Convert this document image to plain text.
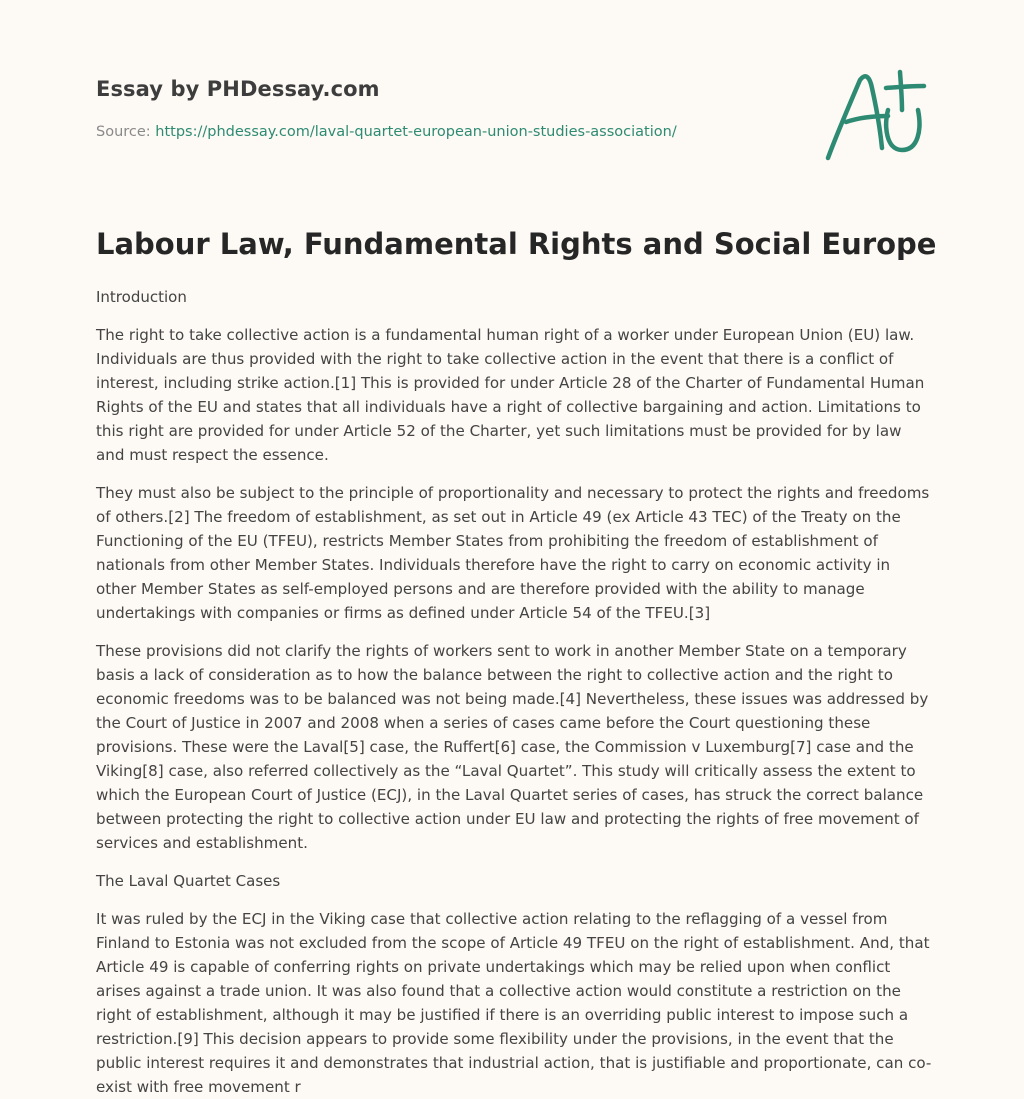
Essay by PHDessay.com
Source: https://phdessay.com/laval-quartet-european-union-studies-association/
Labour Law, Fundamental Rights and Social Europe

Introduction

The right to take collective action is a fundamental human right of a worker under European Union (EU) law. Individuals are thus provided with the right to take collective action in the event that there is a conflict of interest, including strike action.[1] This is provided for under Article 28 of the Charter of Fundamental Human Rights of the EU and states that all individuals have a right of collective bargaining and action. Limitations to this right are provided for under Article 52 of the Charter, yet such limitations must be provided for by law and must respect the essence.

They must also be subject to the principle of proportionality and necessary to protect the rights and freedoms of others.[2] The freedom of establishment, as set out in Article 49 (ex Article 43 TEC) of the Treaty on the Functioning of the EU (TFEU), restricts Member States from prohibiting the freedom of establishment of nationals from other Member States. Individuals therefore have the right to carry on economic activity in other Member States as self-employed persons and are therefore provided with the ability to manage undertakings with companies or firms as defined under Article 54 of the TFEU.[3]

These provisions did not clarify the rights of workers sent to work in another Member State on a temporary basis a lack of consideration as to how the balance between the right to collective action and the right to economic freedoms was to be balanced was not being made.[4] Nevertheless, these issues was addressed by the Court of Justice in 2007 and 2008 when a series of cases came before the Court questioning these provisions. These were the Laval[5] case, the Ruffert[6] case, the Commission v Luxemburg[7] case and the Viking[8] case, also referred collectively as the “Laval Quartet”. This study will critically assess the extent to which the European Court of Justice (ECJ), in the Laval Quartet series of cases, has struck the correct balance between protecting the right to collective action under EU law and protecting the rights of free movement of services and establishment.

The Laval Quartet Cases

It was ruled by the ECJ in the Viking case that collective action relating to the reflagging of a vessel from Finland to Estonia was not excluded from the scope of Article 49 TFEU on the right of establishment. And, that Article 49 is capable of conferring rights on private undertakings which may be relied upon when conflict arises against a trade union. It was also found that a collective action would constitute a restriction on the right of establishment, although it may be justified if there is an overriding public interest to impose such a restriction.[9] This decision appears to provide some flexibility under the provisions, in the event that the public interest requires it and demonstrates that industrial action, that is justifiable and proportionate, can co-exist with free movement r
